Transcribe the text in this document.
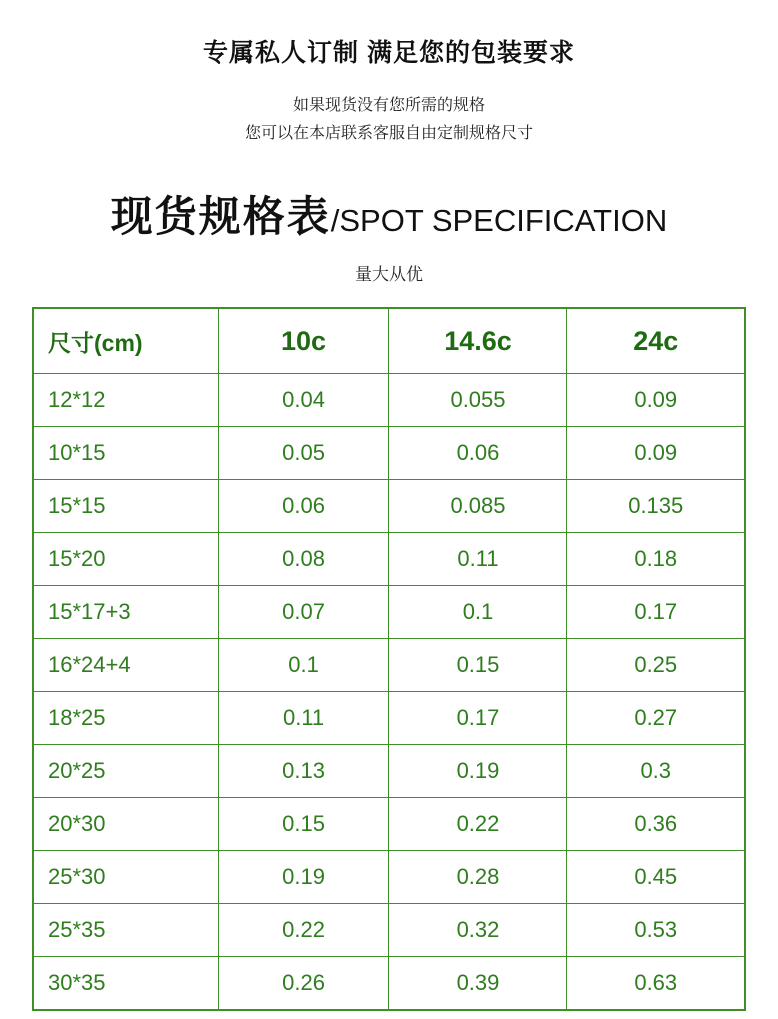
专属私人订制 满足您的包装要求
如果现货没有您所需的规格
您可以在本店联系客服自由定制规格尺寸
现货规格表/SPOT SPECIFICATION
量大从优
尺寸(cm)	10c	14.6c	24c
12*12	0.04	0.055	0.09
10*15	0.05	0.06	0.09
15*15	0.06	0.085	0.135
15*20	0.08	0.11	0.18
15*17+3	0.07	0.1	0.17
16*24+4	0.1	0.15	0.25
18*25	0.11	0.17	0.27
20*25	0.13	0.19	0.3
20*30	0.15	0.22	0.36
25*30	0.19	0.28	0.45
25*35	0.22	0.32	0.53
30*35	0.26	0.39	0.63
